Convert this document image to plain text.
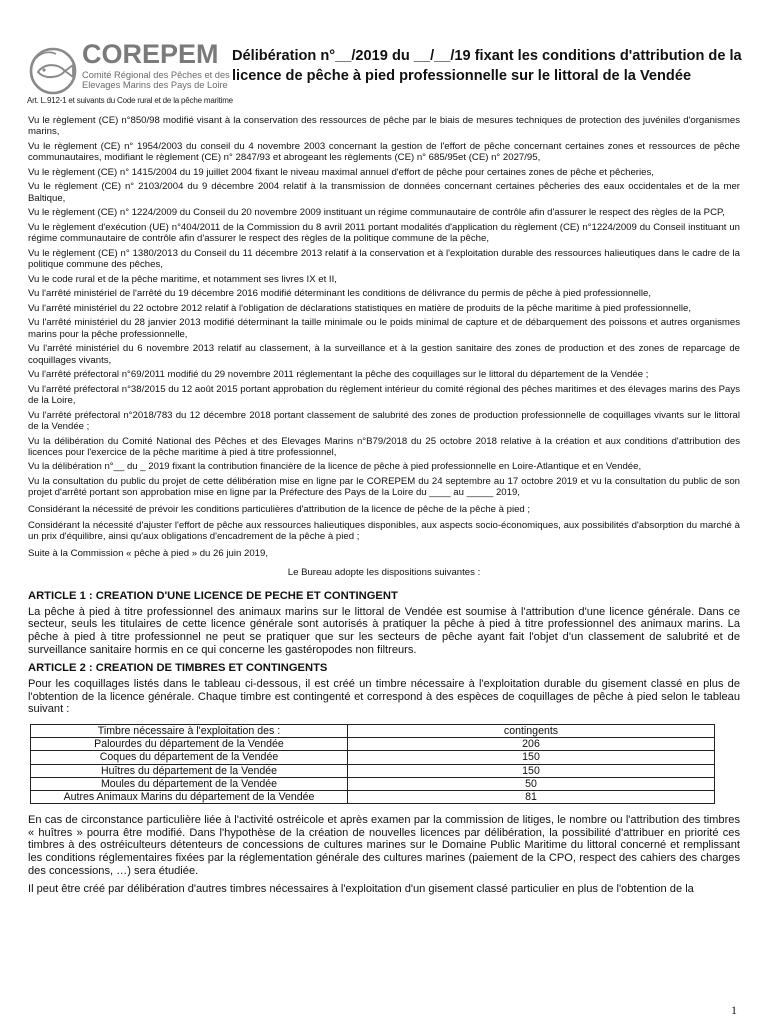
COREPEM
Comité Régional des Pêches et des
Elevages Marins des Pays de Loire
Art. L.912-1 et suivants du Code rural et de la pêche maritime
Délibération n°__/2019 du __/__/19 fixant les conditions d'attribution de la licence de pêche à pied professionnelle sur le littoral de la Vendée

Vu le règlement (CE) n°850/98 modifié visant à la conservation des ressources de pêche par le biais de mesures techniques de protection des juvéniles d'organismes marins,

Vu le règlement (CE) n° 1954/2003 du conseil du 4 novembre 2003 concernant la gestion de l'effort de pêche concernant certaines zones et ressources de pêche communautaires, modifiant le règlement (CE) n° 2847/93 et abrogeant les règlements (CE) n° 685/95et (CE) n° 2027/95,

Vu le règlement (CE) n° 1415/2004 du 19 juillet 2004 fixant le niveau maximal annuel d'effort de pêche pour certaines zones de pêche et pêcheries,

Vu le règlement (CE) n° 2103/2004 du 9 décembre 2004 relatif à la transmission de données concernant certaines pêcheries des eaux occidentales et de la mer Baltique,

Vu le règlement (CE) n° 1224/2009 du Conseil du 20 novembre 2009 instituant un régime communautaire de contrôle afin d'assurer le respect des règles de la PCP,

Vu le règlement d'exécution (UE) n°404/2011 de la Commission du 8 avril 2011 portant modalités d'application du règlement (CE) n°1224/2009 du Conseil instituant un régime communautaire de contrôle afin d'assurer le respect des règles de la politique commune de la pêche,

Vu le règlement (CE) n° 1380/2013 du Conseil du 11 décembre 2013 relatif à la conservation et à l'exploitation durable des ressources halieutiques dans le cadre de la politique commune des pêches,

Vu le code rural et de la pêche maritime, et notamment ses livres IX et II,

Vu l'arrêté ministériel de l'arrêté du 19 décembre 2016 modifié déterminant les conditions de délivrance du permis de pêche à pied professionnelle,

Vu l'arrêté ministériel du 22 octobre 2012 relatif à l'obligation de déclarations statistiques en matière de produits de la pêche maritime à pied professionnelle,

Vu l'arrêté ministériel du 28 janvier 2013 modifié déterminant la taille minimale ou le poids minimal de capture et de débarquement des poissons et autres organismes marins pour la pêche professionnelle,

Vu l'arrêté ministériel du 6 novembre 2013 relatif au classement, à la surveillance et à la gestion sanitaire des zones de production et des zones de reparcage de coquillages vivants,

Vu l'arrêté préfectoral n°69/2011 modifié du 29 novembre 2011 réglementant la pêche des coquillages sur le littoral du département de la Vendée ;

Vu l'arrêté préfectoral n°38/2015 du 12 août 2015 portant approbation du règlement intérieur du comité régional des pêches maritimes et des élevages marins des Pays de la Loire,

Vu l'arrêté préfectoral n°2018/783 du 12 décembre 2018 portant classement de salubrité des zones de production professionnelle de coquillages vivants sur le littoral de la Vendée ;

Vu la délibération du Comité National des Pêches et des Elevages Marins n°B79/2018 du 25 octobre 2018 relative à la création et aux conditions d'attribution des licences pour l'exercice de la pêche maritime à pied à titre professionnel,

Vu la délibération n°__ du _ 2019 fixant la contribution financière de la licence de pêche à pied professionnelle en Loire-Atlantique et en Vendée,

Vu la consultation du public du projet de cette délibération mise en ligne par le COREPEM du 24 septembre au 17 octobre 2019 et vu la consultation du public de son projet d'arrêté portant son approbation mise en ligne par la Préfecture des Pays de la Loire du ____ au _____ 2019,

Considérant la nécessité de prévoir les conditions particulières d'attribution de la licence de pêche de la pêche à pied ;

Considérant la nécessité d'ajuster l'effort de pêche aux ressources halieutiques disponibles, aux aspects socio-économiques, aux possibilités d'absorption du marché à un prix d'équilibre, ainsi qu'aux obligations d'encadrement de la pêche à pied ;

Suite à la Commission « pêche à pied » du 26 juin 2019,

Le Bureau adopte les dispositions suivantes :
ARTICLE 1 : CREATION D'UNE LICENCE DE PECHE ET CONTINGENT

La pêche à pied à titre professionnel des animaux marins sur le littoral de Vendée est soumise à l'attribution d'une licence générale. Dans ce secteur, seuls les titulaires de cette licence générale sont autorisés à pratiquer la pêche à pied à titre professionnel des animaux marins. La pêche à pied à titre professionnel ne peut se pratiquer que sur les secteurs de pêche ayant fait l'objet d'un classement de salubrité et de surveillance sanitaire hormis en ce qui concerne les gastéropodes non filtreurs.

ARTICLE 2 : CREATION DE TIMBRES ET CONTINGENTS

Pour les coquillages listés dans le tableau ci-dessous, il est créé un timbre nécessaire à l'exploitation durable du gisement classé en plus de l'obtention de la licence générale. Chaque timbre est contingenté et correspond à des espèces de coquillages de pêche à pied selon le tableau suivant :

Timbre nécessaire à l'exploitation des :	contingents
Palourdes du département de la Vendée	206
Coques du département de la Vendée	150
Huîtres du département de la Vendée	150
Moules du département de la Vendée	50
Autres Animaux Marins du département de la Vendée	81

En cas de circonstance particulière liée à l'activité ostréicole et après examen par la commission de litiges, le nombre ou l'attribution des timbres « huîtres » pourra être modifié. Dans l'hypothèse de la création de nouvelles licences par délibération, la possibilité d'attribuer en priorité ces timbres à des ostréiculteurs détenteurs de concessions de cultures marines sur le Domaine Public Maritime du littoral concerné et remplissant les conditions réglementaires fixées par la réglementation générale des cultures marines (paiement de la CPO, respect des cahiers des charges des concessions, …) sera étudiée.

Il peut être créé par délibération d'autres timbres nécessaires à l'exploitation d'un gisement classé particulier en plus de l'obtention de la

1
